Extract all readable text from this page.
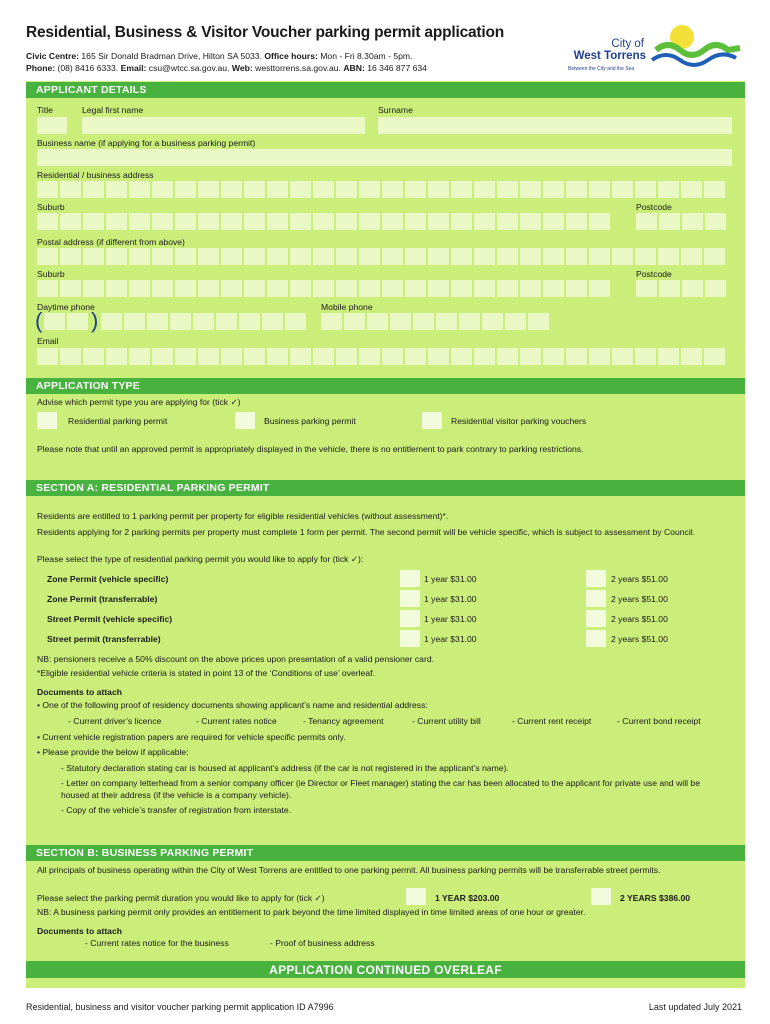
Residential, Business & Visitor Voucher parking permit application
Civic Centre: 165 Sir Donald Bradman Drive, Hilton SA 5033. Office hours: Mon - Fri 8.30am - 5pm.
Phone: (08) 8416 6333. Email: csu@wtcc.sa.gov.au. Web: westtorrens.sa.gov.au. ABN: 16 346 877 634
City of
West Torrens
Between the City and the Sea
APPLICANT DETAILS
Title	Legal first name	Surname
Business name (if applying for a business parking permit)
Residential / business address
Suburb	Postcode
Postal address (if different from above)
Suburb	Postcode
Daytime phone	Mobile phone
( )
Email
APPLICATION TYPE
Advise which permit type you are applying for (tick ✓)
Residential parking permit	Business parking permit	Residential visitor parking vouchers
Please note that until an approved permit is appropriately displayed in the vehicle, there is no entitlement to park contrary to parking restrictions.
SECTION A: RESIDENTIAL PARKING PERMIT
Residents are entitled to 1 parking permit per property for eligible residential vehicles (without assessment)*.
Residents applying for 2 parking permits per property must complete 1 form per permit. The second permit will be vehicle specific, which is subject to assessment by Council.
Please select the type of residential parking permit you would like to apply for (tick ✓):
Zone Permit (vehicle specific)	1 year $31.00	2 years $51.00
Zone Permit (transferrable)	1 year $31.00	2 years $51.00
Street Permit (vehicle specific)	1 year $31.00	2 years $51.00
Street permit (transferrable)	1 year $31.00	2 years $51.00
NB: pensioners receive a 50% discount on the above prices upon presentation of a valid pensioner card.
*Eligible residential vehicle criteria is stated in point 13 of the ‘Conditions of use’ overleaf.
Documents to attach
• One of the following proof of residency documents showing applicant’s name and residential address:
- Current driver’s licence	- Current rates notice	- Tenancy agreement	- Current utility bill	- Current rent receipt	- Current bond receipt
• Current vehicle registration papers are required for vehicle specific permits only.
• Please provide the below if applicable:
- Statutory declaration stating car is housed at applicant’s address (if the car is not registered in the applicant’s name).
- Letter on company letterhead from a senior company officer (ie Director or Fleet manager) stating the car has been allocated to the applicant for private use and will be housed at their address (if the vehicle is a company vehicle).
- Copy of the vehicle’s transfer of registration from interstate.
SECTION B: BUSINESS PARKING PERMIT
All principals of business operating within the City of West Torrens are entitled to one parking permit. All business parking permits will be transferrable street permits.
Please select the parking permit duration you would like to apply for (tick ✓)	1 YEAR $203.00	2 YEARS $386.00
NB: A business parking permit only provides an entitlement to park beyond the time limited displayed in time limited areas of one hour or greater.
Documents to attach
- Current rates notice for the business	- Proof of business address
APPLICATION CONTINUED OVERLEAF
Residential, business and visitor voucher parking permit application ID A7996	Last updated July 2021
